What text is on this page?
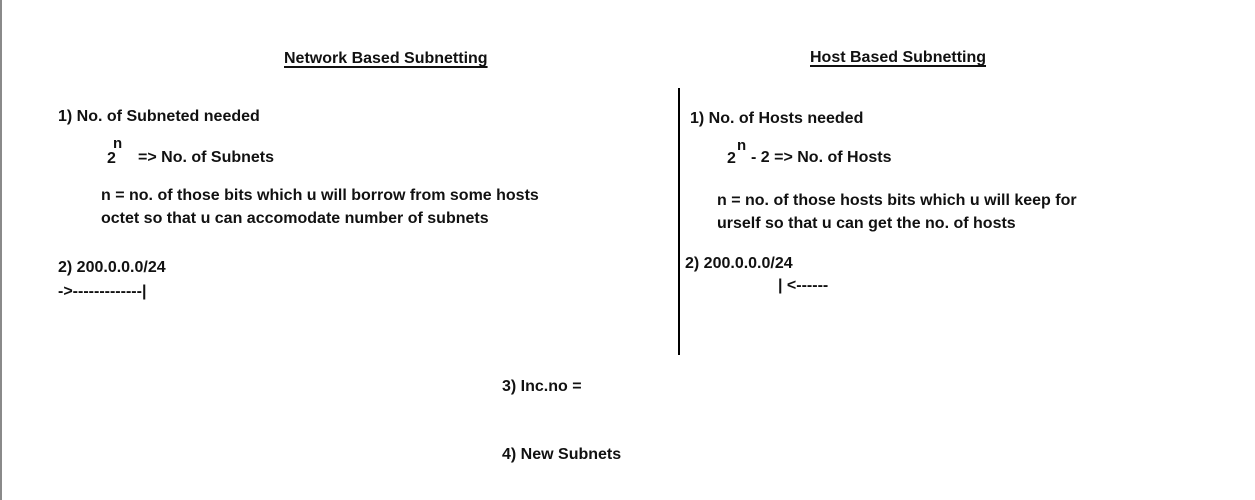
Network Based Subnetting
1) No. of Subneted needed
n
2 => No. of Subnets
n = no. of those bits which u will borrow from some hosts
octet so that u can accomodate number of subnets
2) 200.0.0.0/24
->-------------|
Host Based Subnetting
1) No. of Hosts needed
n
2 - 2 => No. of Hosts
n = no. of those hosts bits which u will keep for
urself so that u can get the no. of hosts
2) 200.0.0.0/24
| <------
3) Inc.no =
4) New Subnets
